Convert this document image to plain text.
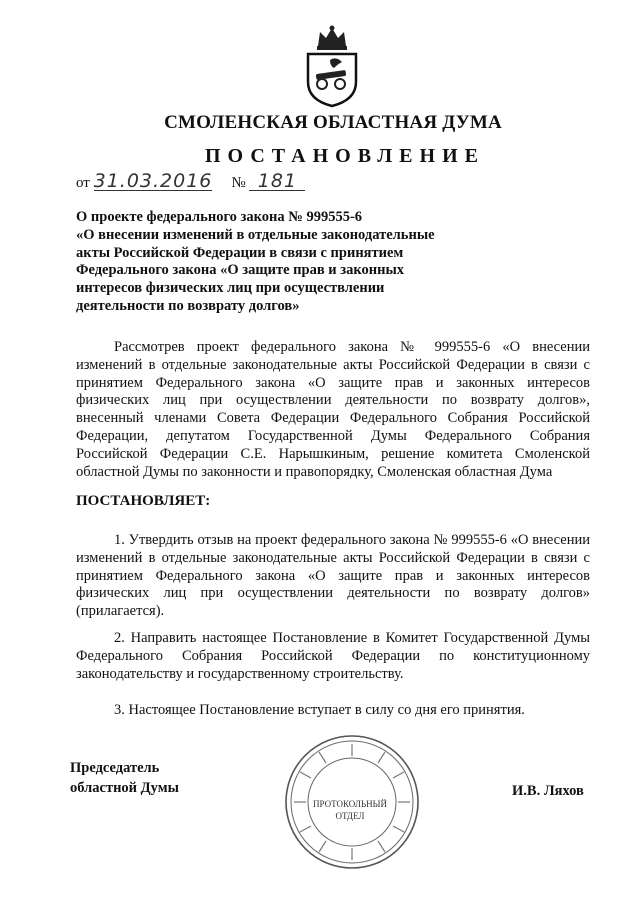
СМОЛЕНСКАЯ ОБЛАСТНАЯ ДУМА
ПОСТАНОВЛЕНИЕ
от 31.03.2016 № 181
О проекте федерального закона № 999555-6
«О внесении изменений в отдельные законодательные
акты Российской Федерации в связи с принятием
Федерального закона «О защите прав и законных
интересов физических лиц при осуществлении
деятельности по возврату долгов»
Рассмотрев проект федерального закона № 999555-6 «О внесении изменений в отдельные законодательные акты Российской Федерации в связи с принятием Федерального закона «О защите прав и законных интересов физических лиц при осуществлении деятельности по возврату долгов», внесенный членами Совета Федерации Федерального Собрания Российской Федерации, депутатом Государственной Думы Федерального Собрания Российской Федерации С.Е. Нарышкиным, решение комитета Смоленской областной Думы по законности и правопорядку, Смоленская областная Дума
ПОСТАНОВЛЯЕТ:
1. Утвердить отзыв на проект федерального закона № 999555-6 «О внесении изменений в отдельные законодательные акты Российской Федерации в связи с принятием Федерального закона «О защите прав и законных интересов физических лиц при осуществлении деятельности по возврату долгов» (прилагается).
2. Направить настоящее Постановление в Комитет Государственной Думы Федерального Собрания Российской Федерации по конституционному законодательству и государственному строительству.
3. Настоящее Постановление вступает в силу со дня его принятия.
Председатель
областной Думы
ПРОТОКОЛЬНЫЙ
ОТДЕЛ
И.В. Ляхов
